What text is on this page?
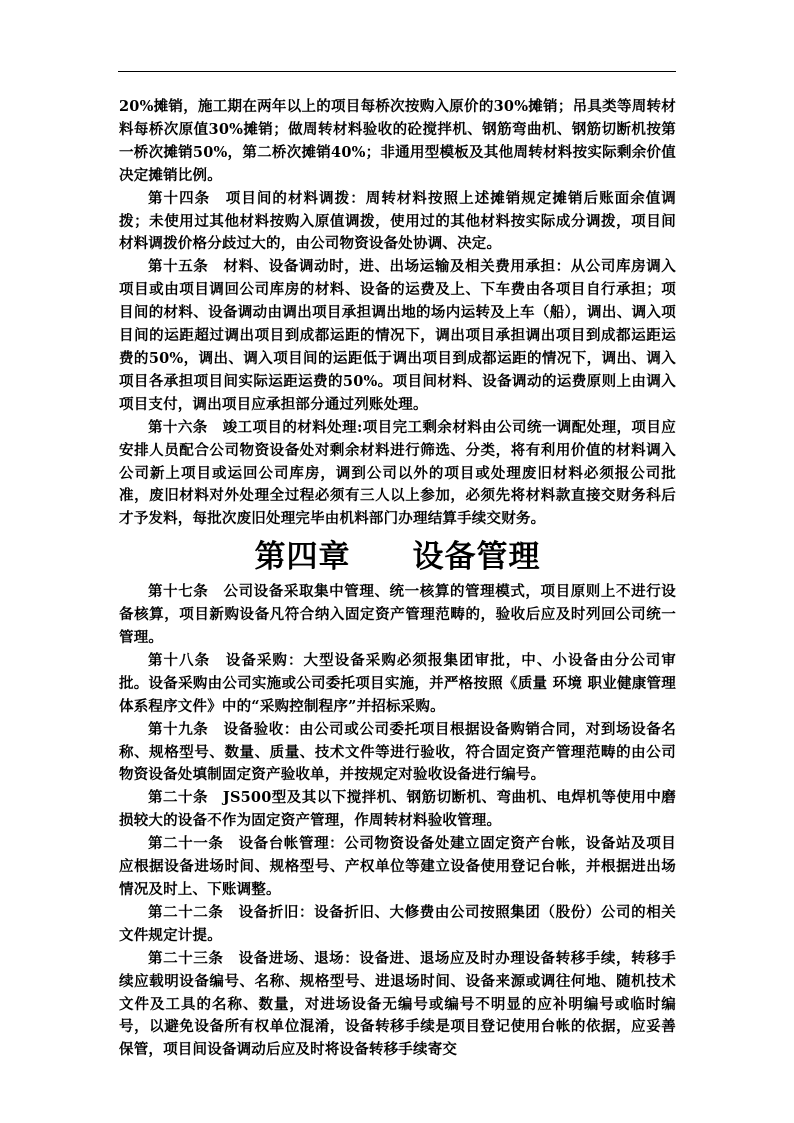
20%摊销，施工期在两年以上的项目每桥次按购入原价的30%摊销；吊具类等周转材料每桥次原值30%摊销；做周转材料验收的砼搅拌机、钢筋弯曲机、钢筋切断机按第一桥次摊销50%，第二桥次摊销40%；非通用型模板及其他周转材料按实际剩余价值决定摊销比例。

第十四条　项目间的材料调拨：周转材料按照上述摊销规定摊销后账面余值调拨；未使用过其他材料按购入原值调拨，使用过的其他材料按实际成分调拨，项目间材料调拨价格分歧过大的，由公司物资设备处协调、决定。

第十五条　材料、设备调动时，进、出场运输及相关费用承担：从公司库房调入项目或由项目调回公司库房的材料、设备的运费及上、下车费由各项目自行承担；项目间的材料、设备调动由调出项目承担调出地的场内运转及上车（船），调出、调入项目间的运距超过调出项目到成都运距的情况下，调出项目承担调出项目到成都运距运费的50%，调出、调入项目间的运距低于调出项目到成都运距的情况下，调出、调入项目各承担项目间实际运距运费的50%。项目间材料、设备调动的运费原则上由调入项目支付，调出项目应承担部分通过列账处理。

第十六条　竣工项目的材料处理:项目完工剩余材料由公司统一调配处理，项目应安排人员配合公司物资设备处对剩余材料进行筛选、分类，将有利用价值的材料调入公司新上项目或运回公司库房，调到公司以外的项目或处理废旧材料必须报公司批准，废旧材料对外处理全过程必须有三人以上参加，必须先将材料款直接交财务科后才予发料，每批次废旧处理完毕由机料部门办理结算手续交财务。

第四章 设备管理

第十七条　公司设备采取集中管理、统一核算的管理模式，项目原则上不进行设备核算，项目新购设备凡符合纳入固定资产管理范畴的，验收后应及时列回公司统一管理。

第十八条　设备采购：大型设备采购必须报集团审批，中、小设备由分公司审批。设备采购由公司实施或公司委托项目实施，并严格按照《质量 环境 职业健康管理体系程序文件》中的“采购控制程序”并招标采购。

第十九条　设备验收：由公司或公司委托项目根据设备购销合同，对到场设备名称、规格型号、数量、质量、技术文件等进行验收，符合固定资产管理范畴的由公司物资设备处填制固定资产验收单，并按规定对验收设备进行编号。

第二十条　JS500型及其以下搅拌机、钢筋切断机、弯曲机、电焊机等使用中磨损较大的设备不作为固定资产管理，作周转材料验收管理。

第二十一条　设备台帐管理：公司物资设备处建立固定资产台帐，设备站及项目应根据设备进场时间、规格型号、产权单位等建立设备使用登记台帐，并根据进出场情况及时上、下账调整。

第二十二条　设备折旧：设备折旧、大修费由公司按照集团（股份）公司的相关文件规定计提。

第二十三条　设备进场、退场：设备进、退场应及时办理设备转移手续，转移手续应载明设备编号、名称、规格型号、进退场时间、设备来源或调往何地、随机技术文件及工具的名称、数量，对进场设备无编号或编号不明显的应补明编号或临时编号，以避免设备所有权单位混淆，设备转移手续是项目登记使用台帐的依据，应妥善保管，项目间设备调动后应及时将设备转移手续寄交
